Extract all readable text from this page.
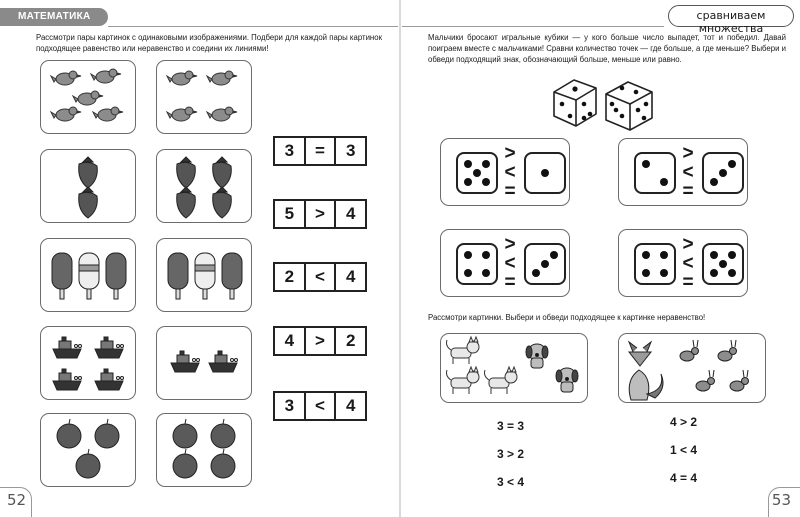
МАТЕМАТИКА
Рассмотри пары картинок с одинаковыми изображениями. Подбери для каждой пары картинок подходящее равенство или неравенство и соедини их линиями!
3	=	3
5	>	4
2	<	4
4	>	2
3	<	4
52
сравниваем множества
Мальчики бросают игральные кубики — у кого больше число выпадет, тот и победил. Давай поиграем вместе с мальчиками! Сравни количество точек — где больше, а где меньше? Выбери и обведи подходящий знак, обозначающий больше, меньше или равно.
>
<
=
>
<
=
>
<
=
>
<
=
Рассмотри картинки. Выбери и обведи подходящее к картинке неравенство!
3 = 3
3 > 2
3 < 4
4 > 2
1 < 4
4 = 4
53
